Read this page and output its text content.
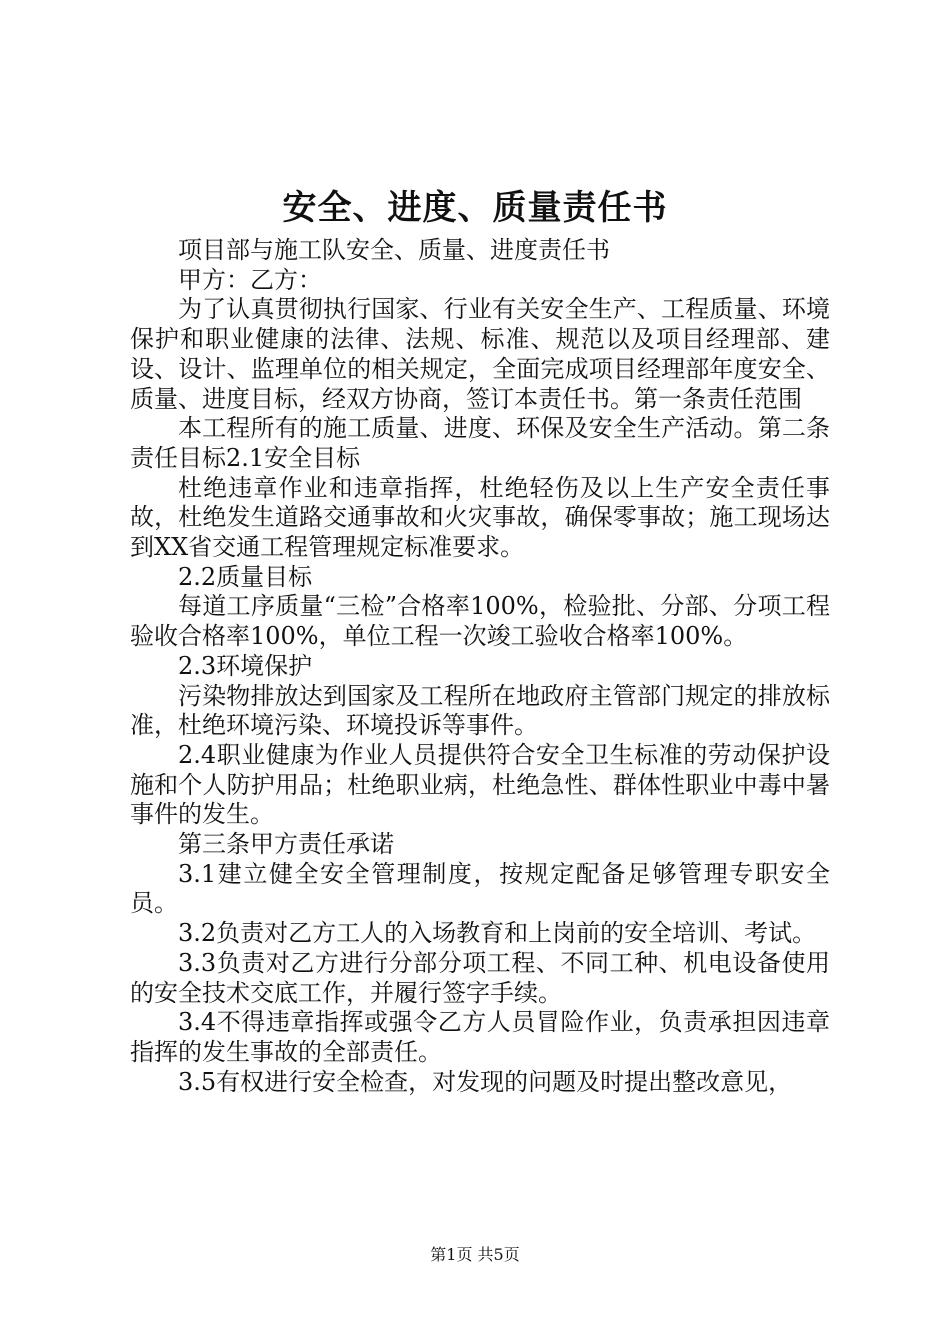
安全、进度、质量责任书

项目部与施工队安全、质量、进度责任书

甲方：乙方：

为了认真贯彻执行国家、行业有关安全生产、工程质量、环境保护和职业健康的法律、法规、标准、规范以及项目经理部、建设、设计、监理单位的相关规定，全面完成项目经理部年度安全、质量、进度目标，经双方协商，签订本责任书。第一条责任范围

本工程所有的施工质量、进度、环保及安全生产活动。第二条责任目标2.1安全目标

杜绝违章作业和违章指挥，杜绝轻伤及以上生产安全责任事故，杜绝发生道路交通事故和火灾事故，确保零事故；施工现场达到XX省交通工程管理规定标准要求。

2.2质量目标

每道工序质量“三检”合格率100%，检验批、分部、分项工程验收合格率100%，单位工程一次竣工验收合格率100%。

2.3环境保护

污染物排放达到国家及工程所在地政府主管部门规定的排放标准，杜绝环境污染、环境投诉等事件。

2.4职业健康为作业人员提供符合安全卫生标准的劳动保护设施和个人防护用品；杜绝职业病，杜绝急性、群体性职业中毒中暑事件的发生。

第三条甲方责任承诺

3.1建立健全安全管理制度，按规定配备足够管理专职安全员。

3.2负责对乙方工人的入场教育和上岗前的安全培训、考试。

3.3负责对乙方进行分部分项工程、不同工种、机电设备使用的安全技术交底工作，并履行签字手续。

3.4不得违章指挥或强令乙方人员冒险作业，负责承担因违章指挥的发生事故的全部责任。

3.5有权进行安全检查，对发现的问题及时提出整改意见，

第1页 共5页
